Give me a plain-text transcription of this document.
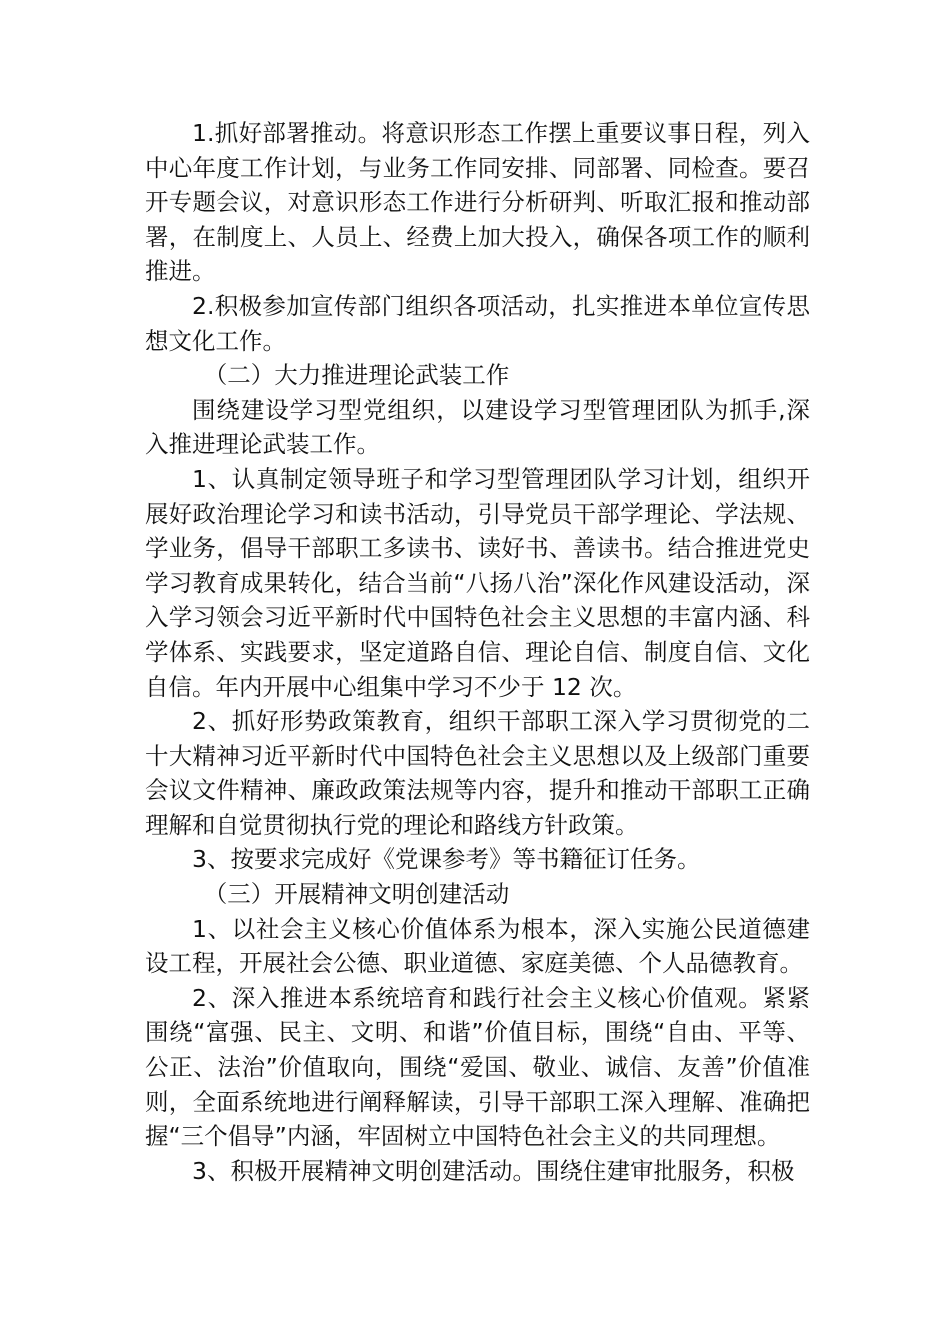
1.抓好部署推动。将意识形态工作摆上重要议事日程，列入中心年度工作计划，与业务工作同安排、同部署、同检查。要召开专题会议，对意识形态工作进行分析研判、听取汇报和推动部署，在制度上、人员上、经费上加大投入，确保各项工作的顺利推进。

2.积极参加宣传部门组织各项活动，扎实推进本单位宣传思想文化工作。

（二）大力推进理论武装工作

围绕建设学习型党组织，以建设学习型管理团队为抓手,深入推进理论武装工作。

1、认真制定领导班子和学习型管理团队学习计划，组织开展好政治理论学习和读书活动，引导党员干部学理论、学法规、学业务，倡导干部职工多读书、读好书、善读书。结合推进党史学习教育成果转化，结合当前“八扬八治”深化作风建设活动，深入学习领会习近平新时代中国特色社会主义思想的丰富内涵、科学体系、实践要求，坚定道路自信、理论自信、制度自信、文化自信。年内开展中心组集中学习不少于 12 次。

2、抓好形势政策教育，组织干部职工深入学习贯彻党的二十大精神习近平新时代中国特色社会主义思想以及上级部门重要会议文件精神、廉政政策法规等内容，提升和推动干部职工正确理解和自觉贯彻执行党的理论和路线方针政策。

3、按要求完成好《党课参考》等书籍征订任务。

（三）开展精神文明创建活动

1、以社会主义核心价值体系为根本，深入实施公民道德建设工程，开展社会公德、职业道德、家庭美德、个人品德教育。

2、深入推进本系统培育和践行社会主义核心价值观。紧紧围绕“富强、民主、文明、和谐”价值目标，围绕“自由、平等、公正、法治”价值取向，围绕“爱国、敬业、诚信、友善”价值准则，全面系统地进行阐释解读，引导干部职工深入理解、准确把握“三个倡导”内涵，牢固树立中国特色社会主义的共同理想。

3、积极开展精神文明创建活动。围绕住建审批服务，积极
